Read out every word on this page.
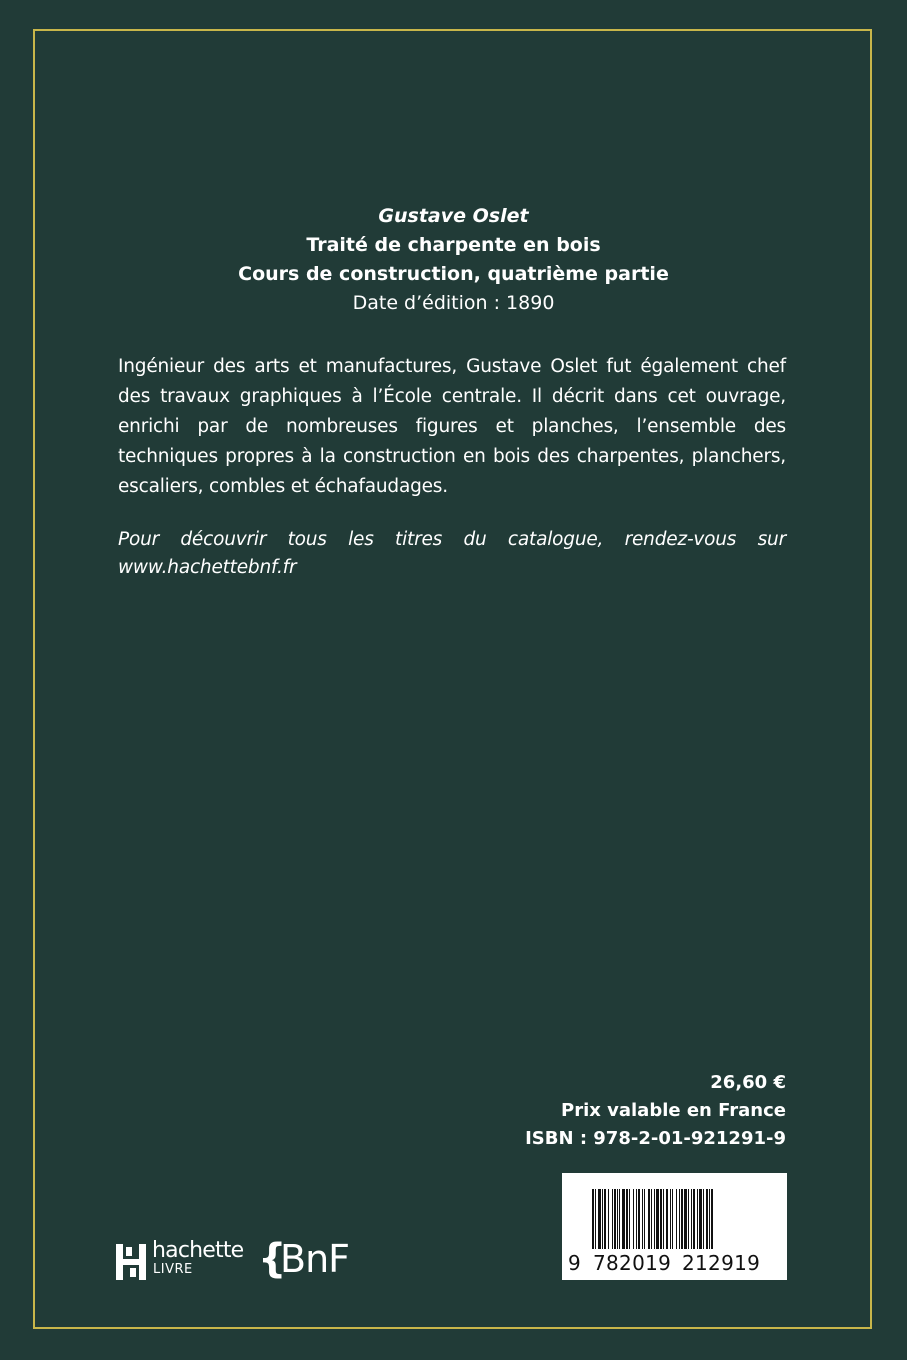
Gustave Oslet
Traité de charpente en bois
Cours de construction, quatrième partie
Date d’édition : 1890
Ingénieur des arts et manufactures, Gustave Oslet fut également chef des travaux graphiques à l’École centrale. Il décrit dans cet ouvrage, enrichi par de nombreuses figures et planches, l’ensemble des techniques propres à la construction en bois des charpentes, planchers, escaliers, combles et échafaudages.
Pour découvrir tous les titres du catalogue, rendez-vous sur www.hachettebnf.fr
26,60 €
Prix valable en France
ISBN : 978-2-01-921291-9
9 782019 212919
hachette
LIVRE {
BnF
